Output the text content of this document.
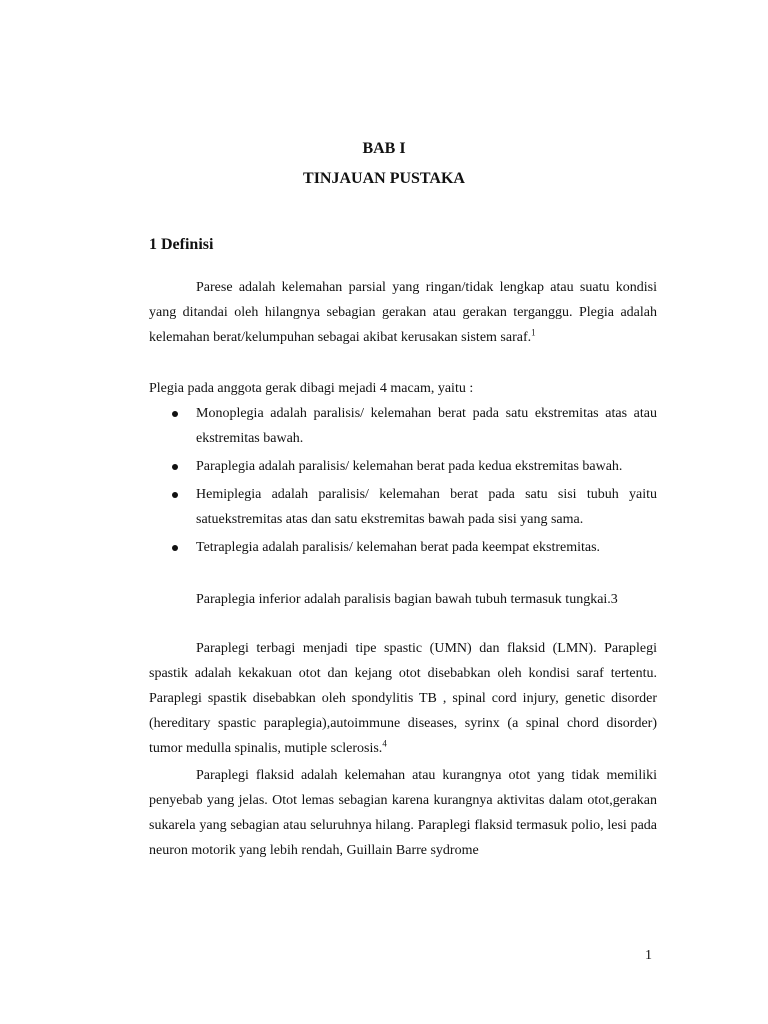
BAB I
TINJAUAN PUSTAKA
1 Definisi
Parese adalah kelemahan parsial yang ringan/tidak lengkap atau suatu kondisi yang ditandai oleh hilangnya sebagian gerakan atau gerakan terganggu. Plegia adalah kelemahan berat/kelumpuhan sebagai akibat kerusakan sistem saraf.$^1$
Plegia pada anggota gerak dibagi mejadi 4 macam, yaitu :
Monoplegia adalah paralisis/ kelemahan berat pada satu ekstremitas atas atau ekstremitas bawah.
Paraplegia adalah paralisis/ kelemahan berat pada kedua ekstremitas bawah.
Hemiplegia adalah paralisis/ kelemahan berat pada satu sisi tubuh yaitu satuekstremitas atas dan satu ekstremitas bawah pada sisi yang sama.
Tetraplegia adalah paralisis/ kelemahan berat pada keempat ekstremitas.
Paraplegia inferior adalah paralisis bagian bawah tubuh termasuk tungkai.3
Paraplegi terbagi menjadi tipe spastic (UMN) dan flaksid (LMN). Paraplegi spastik adalah kekakuan otot dan kejang otot disebabkan oleh kondisi saraf tertentu. Paraplegi spastik disebabkan oleh spondylitis TB , spinal cord injury, genetic disorder (hereditary spastic paraplegia),autoimmune diseases, syrinx (a spinal chord disorder) tumor medulla spinalis, mutiple sclerosis.$^4$
Paraplegi flaksid adalah kelemahan atau kurangnya otot yang tidak memiliki penyebab yang jelas. Otot lemas sebagian karena kurangnya aktivitas dalam otot,gerakan sukarela yang sebagian atau seluruhnya hilang. Paraplegi flaksid termasuk polio, lesi pada neuron motorik yang lebih rendah, Guillain Barre sydrome
1
